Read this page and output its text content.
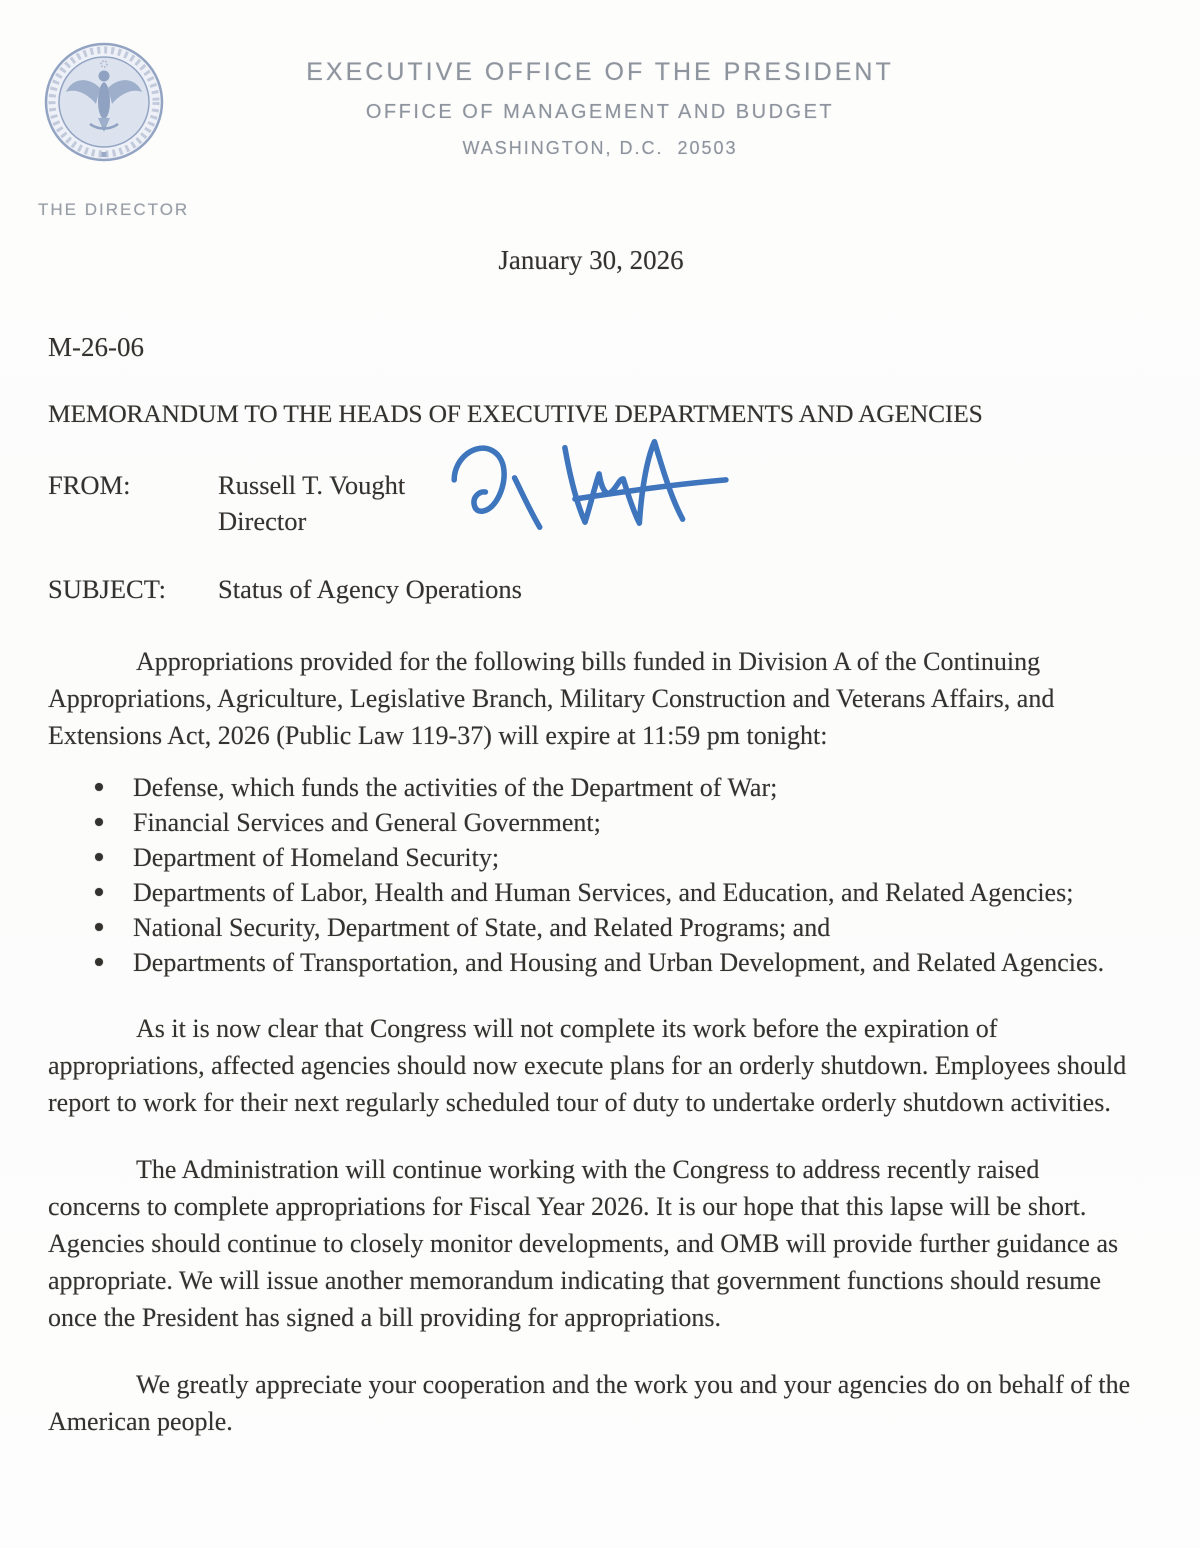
EXECUTIVE OFFICE OF THE PRESIDENT
OFFICE OF MANAGEMENT AND BUDGET
WASHINGTON, D.C.  20503
THE DIRECTOR
January 30, 2026
M-26-06
MEMORANDUM TO THE HEADS OF EXECUTIVE DEPARTMENTS AND AGENCIES
FROM:	Russell T. Vought
Director
SUBJECT:	Status of Agency Operations

Appropriations provided for the following bills funded in Division A of the Continuing Appropriations, Agriculture, Legislative Branch, Military Construction and Veterans Affairs, and Extensions Act, 2026 (Public Law 119-37) will expire at 11:59 pm tonight:

Defense, which funds the activities of the Department of War;
Financial Services and General Government;
Department of Homeland Security;
Departments of Labor, Health and Human Services, and Education, and Related Agencies;
National Security, Department of State, and Related Programs; and
Departments of Transportation, and Housing and Urban Development, and Related Agencies.

As it is now clear that Congress will not complete its work before the expiration of appropriations, affected agencies should now execute plans for an orderly shutdown. Employees should report to work for their next regularly scheduled tour of duty to undertake orderly shutdown activities.

The Administration will continue working with the Congress to address recently raised concerns to complete appropriations for Fiscal Year 2026. It is our hope that this lapse will be short. Agencies should continue to closely monitor developments, and OMB will provide further guidance as appropriate. We will issue another memorandum indicating that government functions should resume once the President has signed a bill providing for appropriations.

We greatly appreciate your cooperation and the work you and your agencies do on behalf of the American people.
